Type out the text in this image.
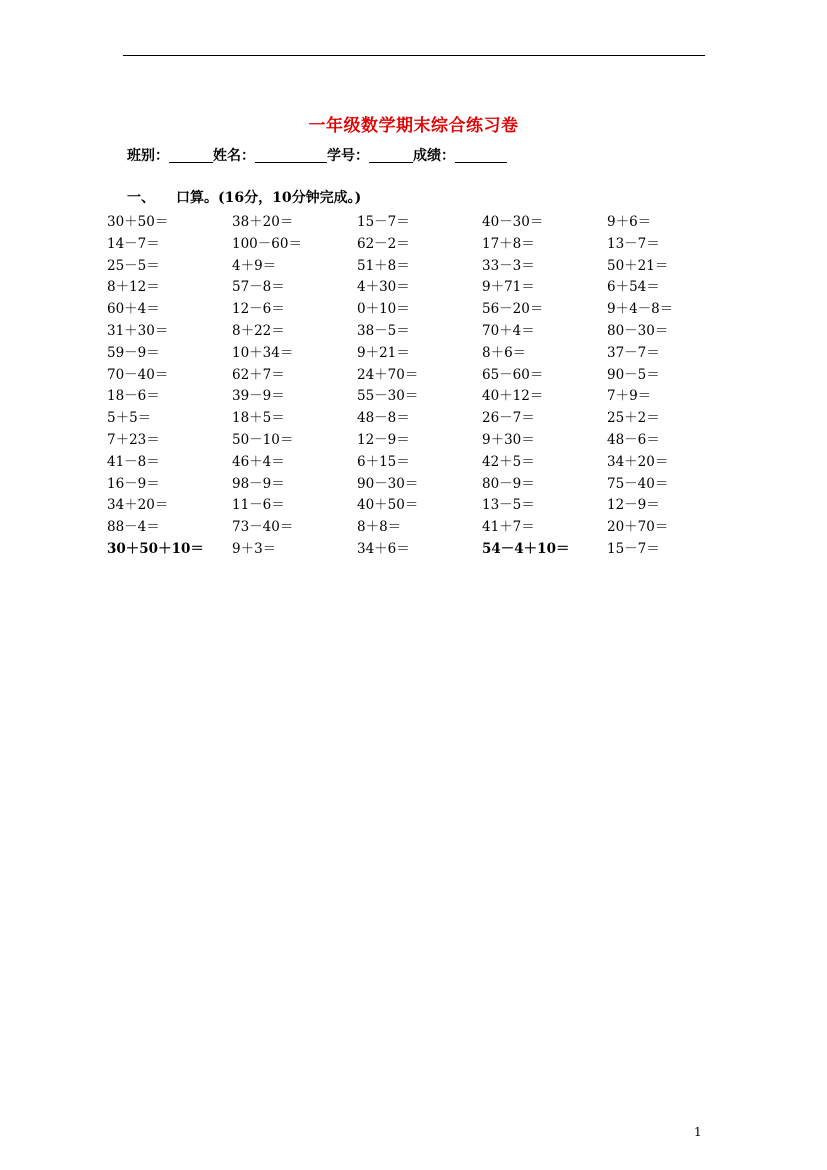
一年级数学期末综合练习卷
班别：	姓名：	学号：	成绩：
一、 口算。(16分，10分钟完成。)
30＋50＝	38＋20＝	15－7＝	40－30＝	9＋6＝
14－7＝	100－60＝	62－2＝	17＋8＝	13－7＝
25－5＝	4＋9＝	51＋8＝	33－3＝	50＋21＝
8＋12＝	57－8＝	4＋30＝	9＋71＝	6＋54＝
60＋4＝	12－6＝	0＋10＝	56－20＝	9＋4－8＝
31＋30＝	8＋22＝	38－5＝	70＋4＝	80－30＝
59－9＝	10＋34＝	9＋21＝	8＋6＝	37－7＝
70－40＝	62＋7＝	24＋70＝	65－60＝	90－5＝
18－6＝	39－9＝	55－30＝	40＋12＝	7＋9＝
5＋5＝	18＋5＝	48－8＝	26－7＝	25＋2＝
7＋23＝	50－10＝	12－9＝	9＋30＝	48－6＝
41－8＝	46＋4＝	6＋15＝	42＋5＝	34＋20＝
16－9＝	98－9＝	90－30＝	80－9＝	75－40＝
34＋20＝	11－6＝	40＋50＝	13－5＝	12－9＝
88－4＝	73－40＝	8＋8＝	41＋7＝	20＋70＝
30＋50＋10＝ 9＋3＝	34＋6＝	54－4＋10＝	15－7＝
1
